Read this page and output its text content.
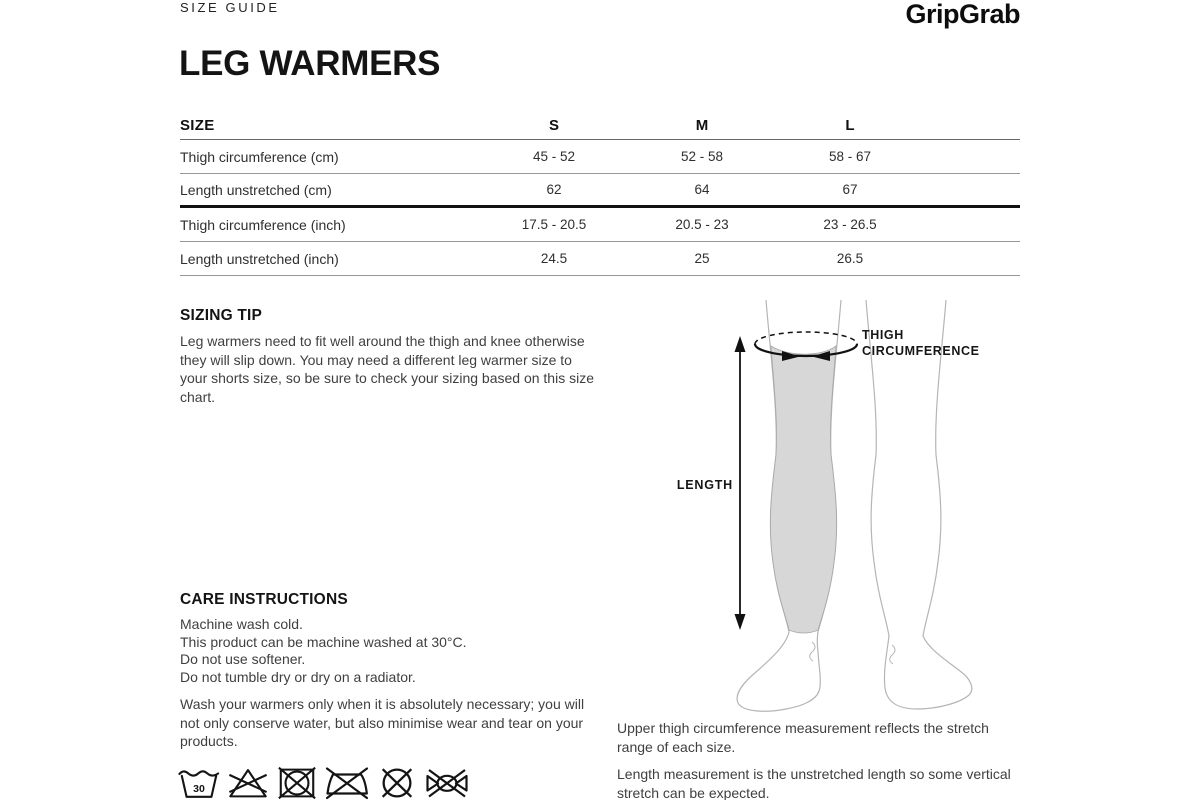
SIZE GUIDE	GripGrab
LEG WARMERS
SIZE	S	M	L
Thigh circumference (cm)	45 - 52	52 - 58	58 - 67
Length unstretched (cm)	62	64	67
Thigh circumference (inch)	17.5 - 20.5	20.5 - 23	23 - 26.5
Length unstretched (inch)	24.5	25	26.5
SIZING TIP
Leg warmers need to fit well around the thigh and knee otherwise they will slip down. You may need a different leg warmer size to your shorts size, so be sure to check your sizing based on this size chart.
CARE INSTRUCTIONS
Machine wash cold.
This product can be machine washed at 30°C.
Do not use softener.
Do not tumble dry or dry on a radiator.
Wash your warmers only when it is absolutely necessary; you will not only conserve water, but also minimise wear and tear on your products.
30
THIGH CIRCUMFERENCE
LENGTH
Upper thigh circumference measurement reflects the stretch range of each size.
Length measurement is the unstretched length so some vertical stretch can be expected.
